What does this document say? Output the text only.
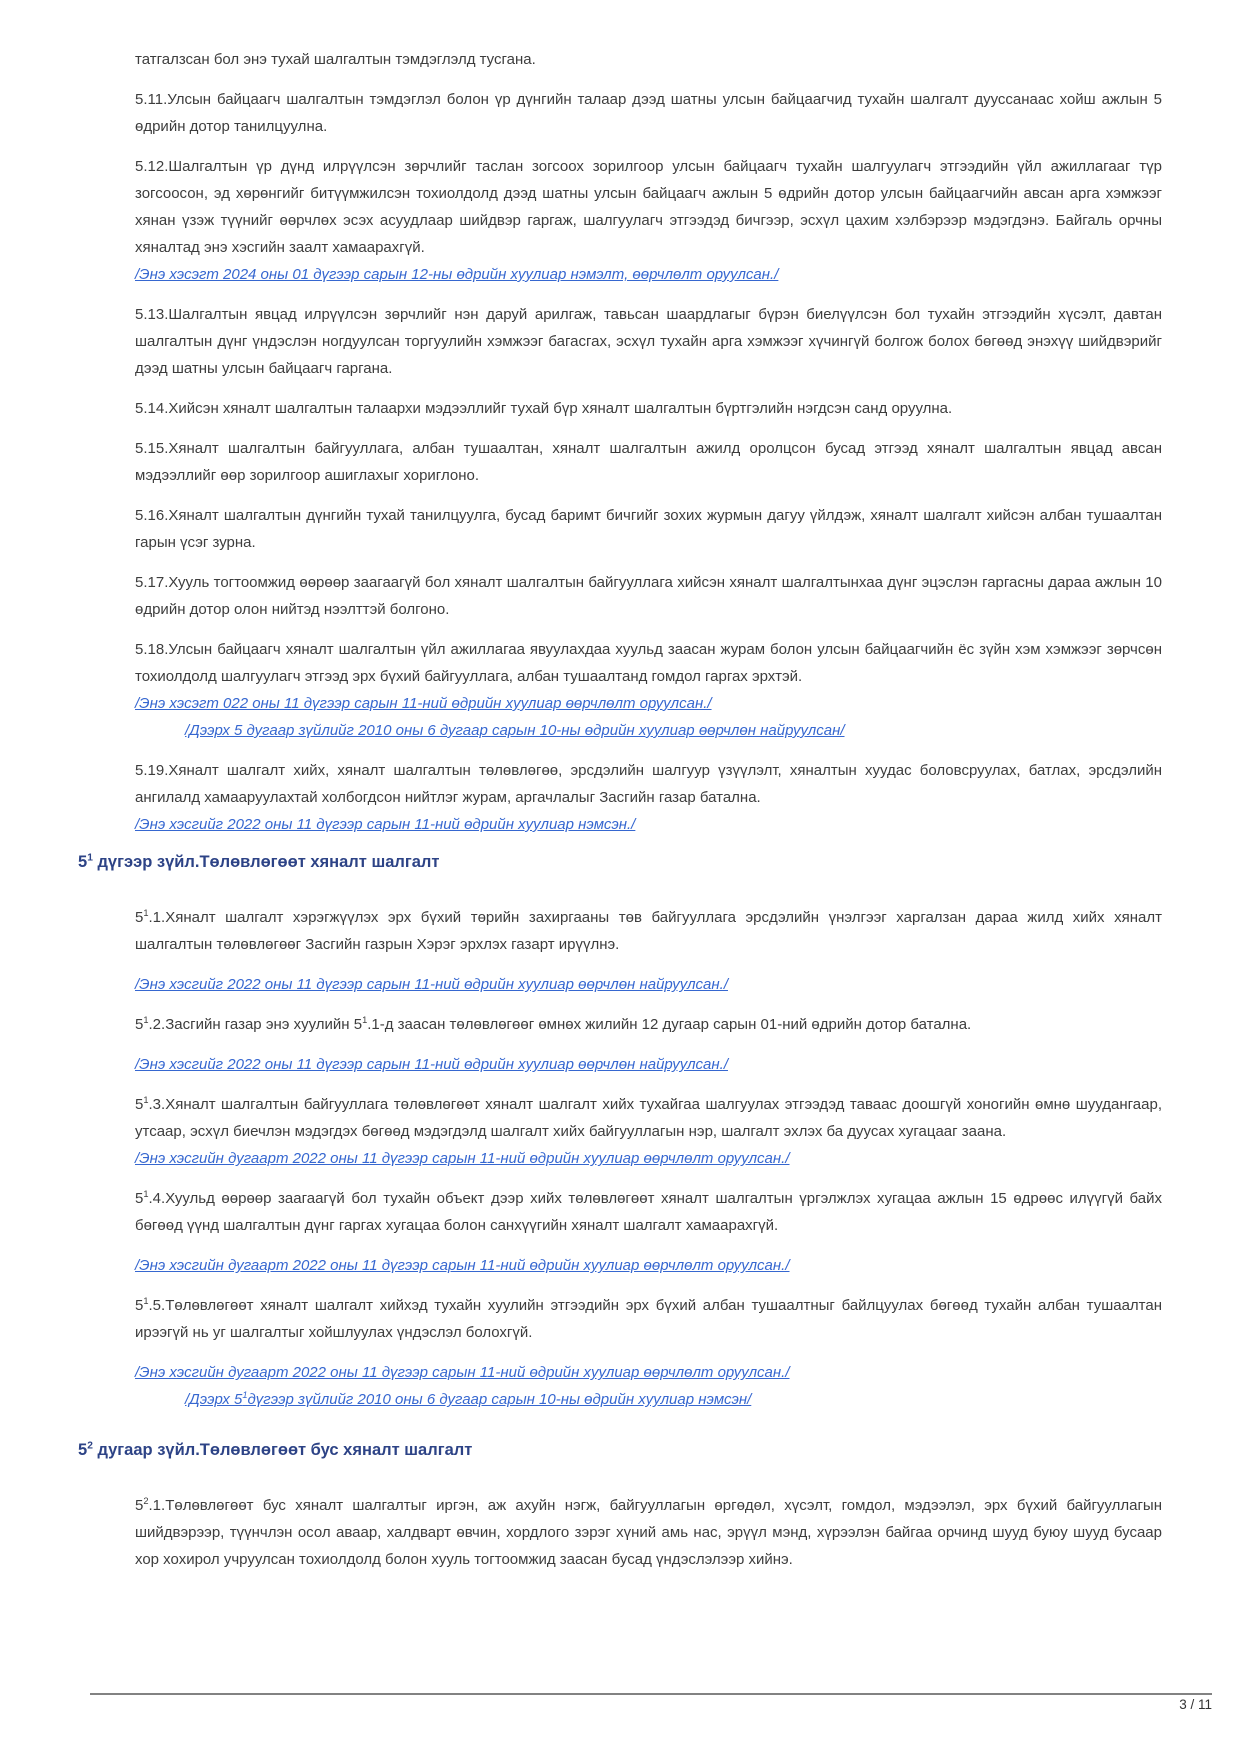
татгалзсан бол энэ тухай шалгалтын тэмдэглэлд тусгана.

5.11.Улсын байцаагч шалгалтын тэмдэглэл болон үр дүнгийн талаар дээд шатны улсын байцаагчид тухайн шалгалт дууссанаас хойш ажлын 5 өдрийн дотор танилцуулна.

5.12.Шалгалтын үр дүнд илрүүлсэн зөрчлийг таслан зогсоох зорилгоор улсын байцаагч тухайн шалгуулагч этгээдийн үйл ажиллагааг түр зогсоосон, эд хөрөнгийг битүүмжилсэн тохиолдолд дээд шатны улсын байцаагч ажлын 5 өдрийн дотор улсын байцаагчийн авсан арга хэмжээг хянан үзэж түүнийг өөрчлөх эсэх асуудлаар шийдвэр гаргаж, шалгуулагч этгээдэд бичгээр, эсхүл цахим хэлбэрээр мэдэгдэнэ. Байгаль орчны хяналтад энэ хэсгийн заалт хамаарахгүй.

/Энэ хэсэгт 2024 оны 01 дүгээр сарын 12-ны өдрийн хуулиар нэмэлт, өөрчлөлт оруулсан./

5.13.Шалгалтын явцад илрүүлсэн зөрчлийг нэн даруй арилгаж, тавьсан шаардлагыг бүрэн биелүүлсэн бол тухайн этгээдийн хүсэлт, давтан шалгалтын дүнг үндэслэн ногдуулсан торгуулийн хэмжээг багасгах, эсхүл тухайн арга хэмжээг хүчингүй болгож болох бөгөөд энэхүү шийдвэрийг дээд шатны улсын байцаагч гаргана.

5.14.Хийсэн хяналт шалгалтын талаархи мэдээллийг тухай бүр хяналт шалгалтын бүртгэлийн нэгдсэн санд оруулна.

5.15.Хяналт шалгалтын байгууллага, албан тушаалтан, хяналт шалгалтын ажилд оролцсон бусад этгээд хяналт шалгалтын явцад авсан мэдээллийг өөр зорилгоор ашиглахыг хориглоно.

5.16.Хяналт шалгалтын дүнгийн тухай танилцуулга, бусад баримт бичгийг зохих журмын дагуу үйлдэж, хяналт шалгалт хийсэн албан тушаалтан гарын үсэг зурна.

5.17.Хууль тогтоомжид өөрөөр заагаагүй бол хяналт шалгалтын байгууллага хийсэн хяналт шалгалтынхаа дүнг эцэслэн гаргасны дараа ажлын 10 өдрийн дотор олон нийтэд нээлттэй болгоно.

5.18.Улсын байцаагч хяналт шалгалтын үйл ажиллагаа явуулахдаа хуульд заасан журам болон улсын байцаагчийн ёс зүйн хэм хэмжээг зөрчсөн тохиолдолд шалгуулагч этгээд эрх бүхий байгууллага, албан тушаалтанд гомдол гаргах эрхтэй.

/Энэ хэсэгт 022 оны 11 дүгээр сарын 11-ний өдрийн хуулиар өөрчлөлт оруулсан./
/Дээрх 5 дугаар зүйлийг 2010 оны 6 дугаар сарын 10-ны өдрийн хуулиар өөрчлөн найруулсан/

5.19.Хяналт шалгалт хийх, хяналт шалгалтын төлөвлөгөө, эрсдэлийн шалгуур үзүүлэлт, хяналтын хуудас боловсруулах, батлах, эрсдэлийн ангилалд хамааруулахтай холбогдсон нийтлэг журам, аргачлалыг Засгийн газар батална.

/Энэ хэсгийг 2022 оны 11 дүгээр сарын 11-ний өдрийн хуулиар нэмсэн./
$5^1$ дүгээр зүйл.Төлөвлөгөөт хяналт шалгалт

$5^1.1.Хяналт$ шалгалт хэрэгжүүлэх эрх бүхий төрийн захиргааны төв байгууллага эрсдэлийн үнэлгээг харгалзан дараа жилд хийх хяналт шалгалтын төлөвлөгөөг Засгийн газрын Хэрэг эрхлэх газарт ирүүлнэ.

/Энэ хэсгийг 2022 оны 11 дүгээр сарын 11-ний өдрийн хуулиар өөрчлөн найруулсан./

$5^1.2.Засгийн$ газар энэ хуулийн $5^1.1-д$ заасан төлөвлөгөөг өмнөх жилийн 12 дугаар сарын 01-ний өдрийн дотор батална.

/Энэ хэсгийг 2022 оны 11 дүгээр сарын 11-ний өдрийн хуулиар өөрчлөн найруулсан./

$5^1.3.Хяналт$ шалгалтын байгууллага төлөвлөгөөт хяналт шалгалт хийх тухайгаа шалгуулах этгээдэд таваас доошгүй хоногийн өмнө шуудангаар, утсаар, эсхүл биечлэн мэдэгдэх бөгөөд мэдэгдэлд шалгалт хийх байгууллагын нэр, шалгалт эхлэх ба дуусах хугацааг заана.

/Энэ хэсгийн дугаарт 2022 оны 11 дүгээр сарын 11-ний өдрийн хуулиар өөрчлөлт оруулсан./

$5^1.4.Хуульд$ өөрөөр заагаагүй бол тухайн объект дээр хийх төлөвлөгөөт хяналт шалгалтын үргэлжлэх хугацаа ажлын 15 өдрөөс илүүгүй байх бөгөөд үүнд шалгалтын дүнг гаргах хугацаа болон санхүүгийн хяналт шалгалт хамаарахгүй.

/Энэ хэсгийн дугаарт 2022 оны 11 дүгээр сарын 11-ний өдрийн хуулиар өөрчлөлт оруулсан./

$5^1.5.Төлөвлөгөөт$ хяналт шалгалт хийхэд тухайн хуулийн этгээдийн эрх бүхий албан тушаалтныг байлцуулах бөгөөд тухайн албан тушаалтан ирээгүй нь уг шалгалтыг хойшлуулах үндэслэл болохгүй.

/Энэ хэсгийн дугаарт 2022 оны 11 дүгээр сарын 11-ний өдрийн хуулиар өөрчлөлт оруулсан./
/Дээрх $5^1дүгээр$ зүйлийг 2010 оны 6 дугаар сарын 10-ны өдрийн хуулиар нэмсэн/
$5^2$ дугаар зүйл.Төлөвлөгөөт бус хяналт шалгалт

$5^2.1.Төлөвлөгөөт$ бус хяналт шалгалтыг иргэн, аж ахуйн нэгж, байгууллагын өргөдөл, хүсэлт, гомдол, мэдээлэл, эрх бүхий байгууллагын шийдвэрээр, түүнчлэн осол аваар, халдварт өвчин, хордлого зэрэг хүний амь нас, эрүүл мэнд, хүрээлэн байгаа орчинд шууд буюу шууд бусаар хор хохирол учруулсан тохиолдолд болон хууль тогтоомжид заасан бусад үндэслэлээр хийнэ.

3 / 11
